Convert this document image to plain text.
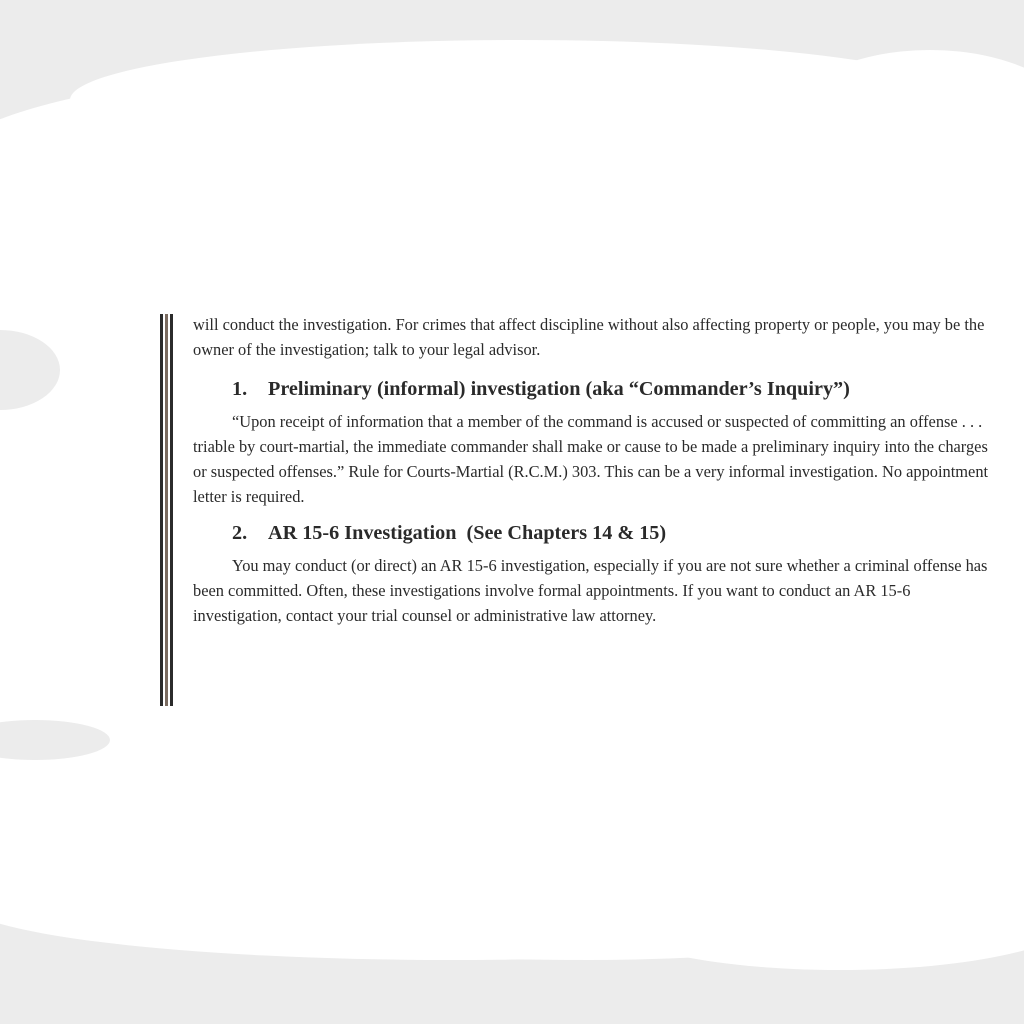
will conduct the investigation. For crimes that affect discipline without also affecting property or people, you may be the owner of the investigation; talk to your legal advisor.

1. Preliminary (informal) investigation (aka “Commander’s Inquiry”)

“Upon receipt of information that a member of the command is accused or suspected of committing an offense . . . triable by court-martial, the immediate commander shall make or cause to be made a preliminary inquiry into the charges or suspected offenses.” Rule for Courts-Martial (R.C.M.) 303. This can be a very informal investigation. No appointment letter is required.

2. AR 15-6 Investigation  (See Chapters 14 & 15)

You may conduct (or direct) an AR 15-6 investigation, especially if you are not sure whether a criminal offense has been committed. Often, these investigations involve formal appointments. If you want to conduct an AR 15-6 investigation, contact your trial counsel or administrative law attorney.
